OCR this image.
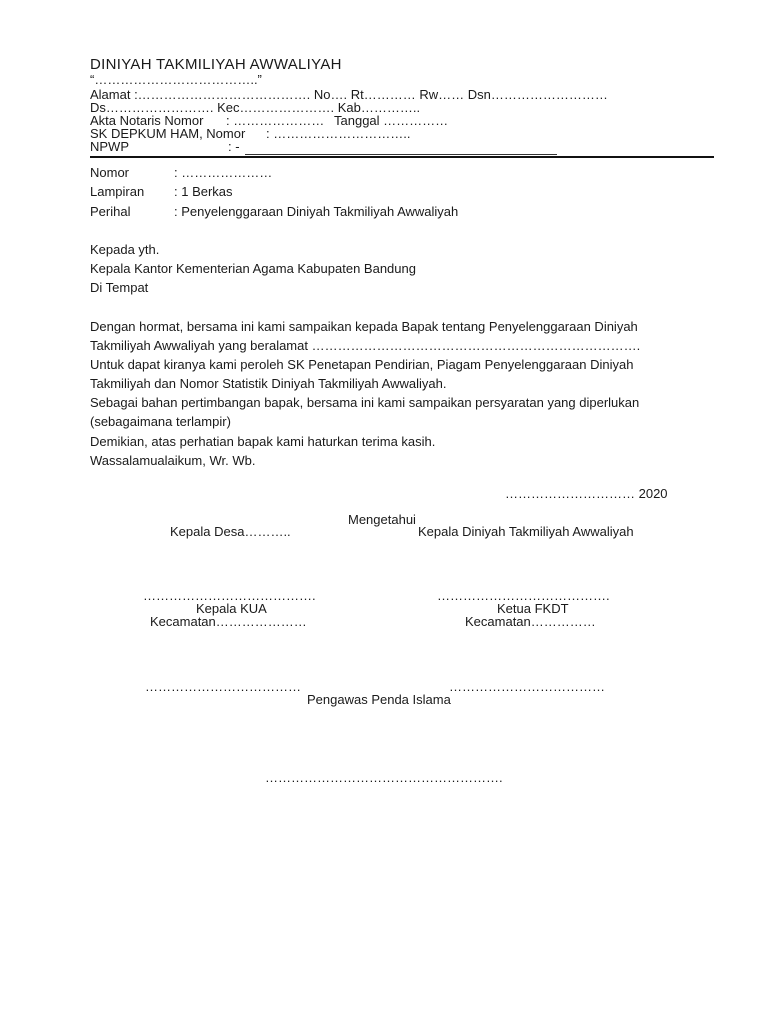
DINIYAH TAKMILIYAH AWWALIYAH
“………………………………..”
Alamat :…………………………………. No…. Rt………… Rw…… Dsn………………………
Ds……………………. Kec…………………. Kab…………..
Akta Notaris Nomor : ………………… Tanggal ……………
SK DEPKUM HAM, Nomor : …………………………..
NPWP	: -
Nomor	: …………………
Lampiran : 1 Berkas
Perihal	: Penyelenggaraan Diniyah Takmiliyah Awwaliyah
Kepada yth.
Kepala Kantor Kementerian Agama Kabupaten Bandung
Di Tempat
Dengan hormat, bersama ini kami sampaikan kepada Bapak tentang Penyelenggaraan Diniyah
Takmiliyah Awwaliyah yang beralamat ………………………………………………………………….
Untuk dapat kiranya kami peroleh SK Penetapan Pendirian, Piagam Penyelenggaraan Diniyah
Takmiliyah dan Nomor Statistik Diniyah Takmiliyah Awwaliyah.
Sebagai bahan pertimbangan bapak, bersama ini kami sampaikan persyaratan yang diperlukan
(sebagaimana terlampir)
Demikian, atas perhatian bapak kami haturkan terima kasih.
Wassalamualaikum, Wr. Wb.
………………………… 2020
Mengetahui
Kepala Desa………..	Kepala Diniyah Takmiliyah Awwaliyah
………………………………….	………………………………….
Kepala KUA	Ketua FKDT
Kecamatan…………………	Kecamatan……………
………………………………	………………………………
Pengawas Penda Islama
……………………………………………….
